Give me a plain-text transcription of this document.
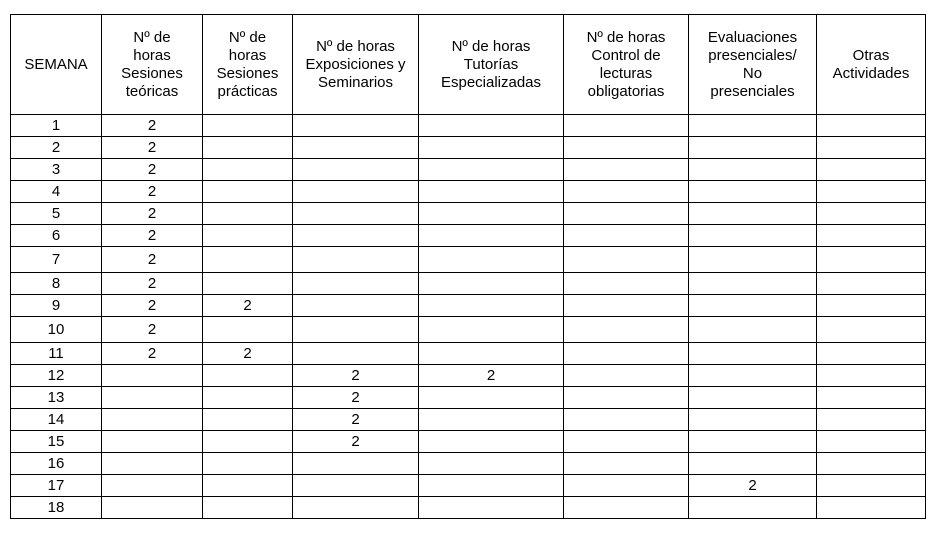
SEMANA	Nº de horas Sesiones teóricas	Nº de horas Sesiones prácticas	Nº de horas Exposiciones y Seminarios	Nº de horas Tutorías Especializadas	Nº de horas Control de lecturas obligatorias	Evaluaciones presenciales/ No presenciales	Otras Actividades
1	2						
2	2						
3	2						
4	2						
5	2						
6	2						
7	2						
8	2						
9	2	2					
10	2						
11	2	2					
12			2	2			
13			2				
14			2				
15			2				
16							
17						2	
18							
